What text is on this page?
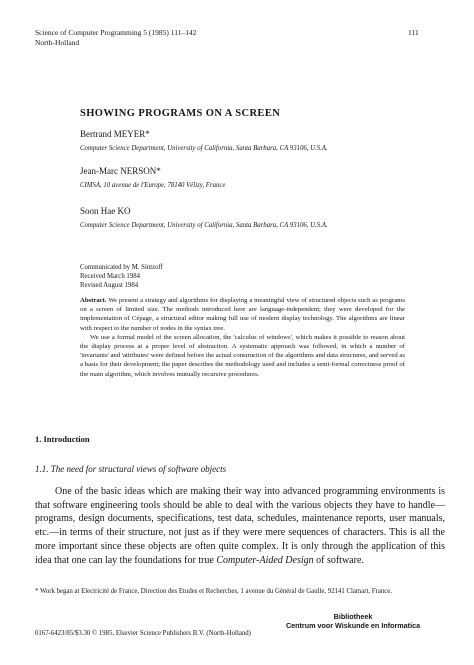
Science of Computer Programming 5 (1985) 111–142
North-Holland
111
SHOWING PROGRAMS ON A SCREEN
Bertrand MEYER*
Computer Science Department, University of California, Santa Barbara, CA 93106, U.S.A.
Jean-Marc NERSON*
CIMSA, 10 avenue de l'Europe, 78140 Vélizy, France
Soon Hae KO
Computer Science Department, University of California, Santa Barbara, CA 93106, U.S.A.
Communicated by M. Sintzoff
Received March 1984
Revised August 1984

Abstract. We present a strategy and algorithms for displaying a meaningful view of structured objects such as programs on a screen of limited size. The methods introduced here are language-independent; they were developed for the implementation of Cépage, a structural editor making full use of modern display technology. The algorithms are linear with respect to the number of nodes in the syntax tree.

We use a formal model of the screen allocation, the 'calculus of windows', which makes it possible to reason about the display process at a proper level of abstraction. A systematic approach was followed, in which a number of 'invariants' and 'attributes' were defined before the actual construction of the algorithms and data structures, and served as a basis for their development; the paper describes the methodology used and includes a semi-formal correctness proof of the main algorithm, which involves mutually recursive procedures.

1. Introduction
1.1. The need for structural views of software objects

One of the basic ideas which are making their way into advanced programming environments is that software engineering tools should be able to deal with the various objects they have to handle—programs, design documents, specifications, test data, schedules, maintenance reports, user manuals, etc.—in terms of their structure, not just as if they were mere sequences of characters. This is all the more important since these objects are often quite complex. It is only through the application of this idea that one can lay the foundations for true Computer-Aided Design of software.

* Work began at Electricité de France, Direction des Etudes et Recherches, 1 avenue du Général de Gaulle, 92141 Clamart, France.
Bibliotheek
Centrum voor Wiskunde en Informatica
0167-6423/85/$3.30 © 1985, Elsevier Science Publishers B.V. (North-Holland)
